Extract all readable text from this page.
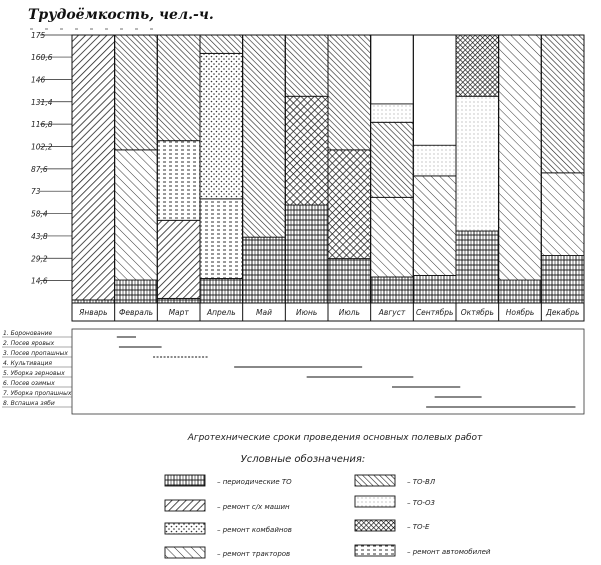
Трудоёмкость, чел.-ч.
175
160,6
146
131,4
116,8
102,2
87,6
73
58,4
43,8
29,2
14,6
Январь Февраль Март Апрель	Май	Июнь	Июль	Август Сентябрь Октябрь Ноябрь Декабрь
1. Боронование
2. Посев яровых
3. Посев пропашных
4. Культивация
5. Уборка зерновых
6. Посев озимых
7. Уборка пропашных
8. Вспашка зяби
Агротехнические сроки проведения основных полевых работ
Условные обозначения:
– периодические ТО	– ТО-ВЛ
– ремонт с/х машин	– ТО-О3
– ремонт комбайнов	– ТО-Е
– ремонт тракторов	– ремонт автомобилей
